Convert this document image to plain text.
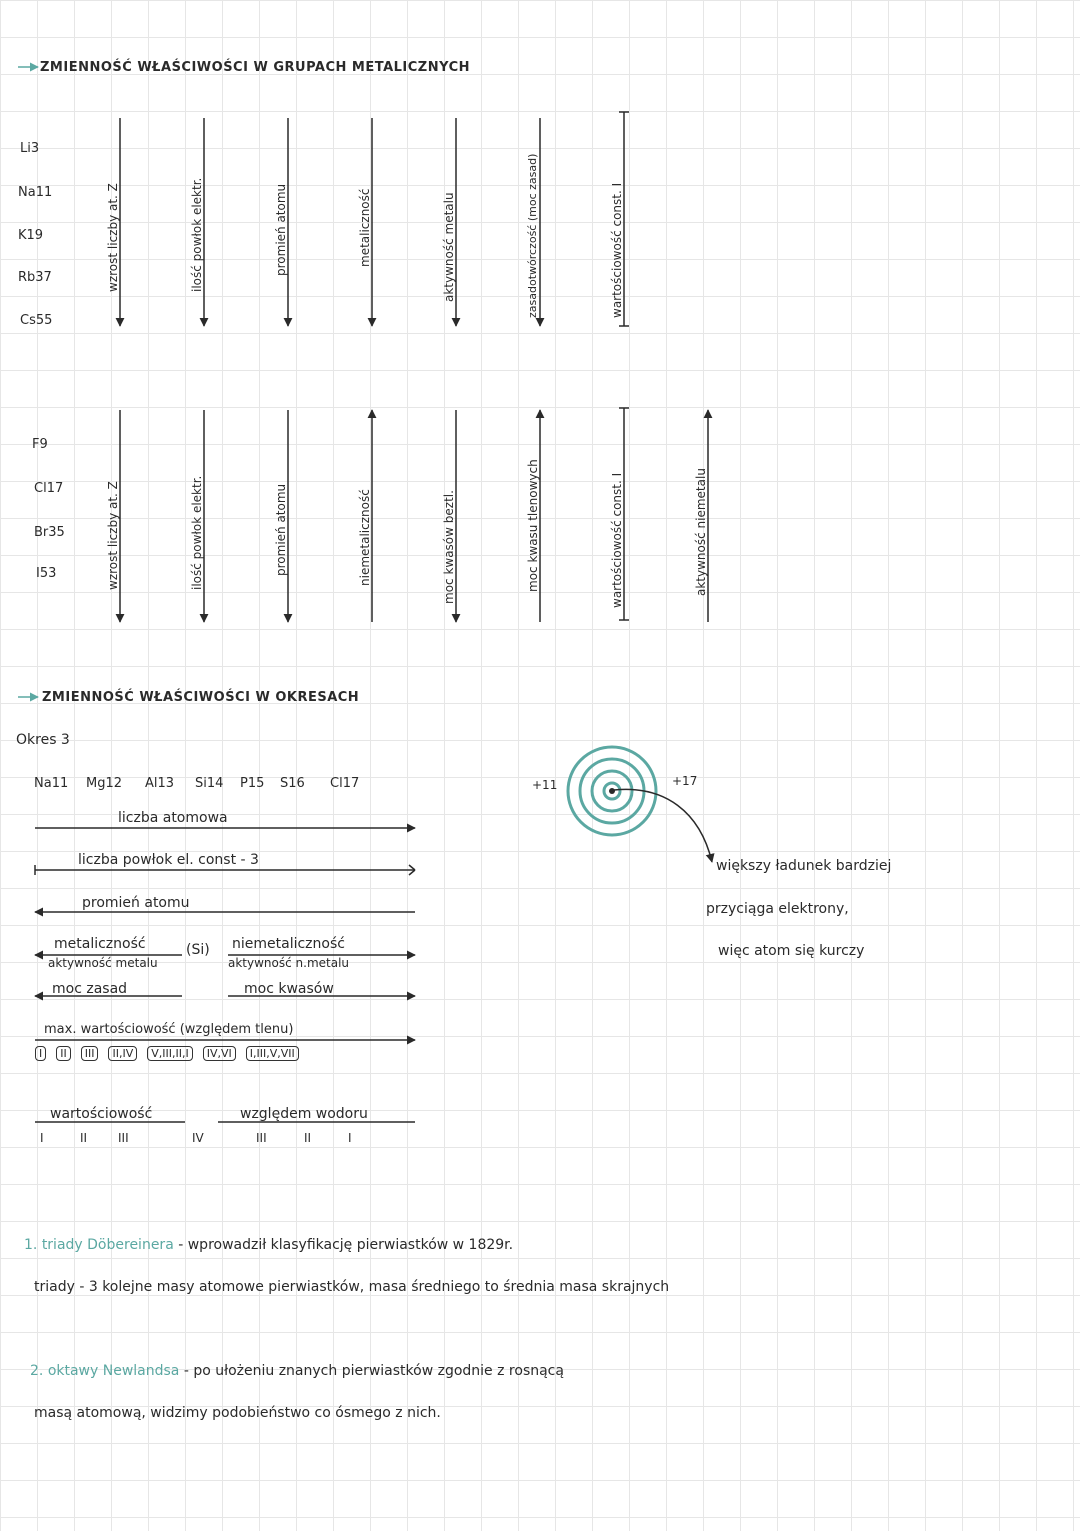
ZMIENNOŚĆ WŁAŚCIWOŚCI W GRUPACH METALICZNYCH
Li3
Na11
K19
Rb37
Cs55
wzrost liczby at. Z	ilość powłok elektr.	promień atomu	metaliczność	aktywność metalu	zasadotwórczość (moc zasad)	wartościowość const. I
F9
Cl17
Br35
I53	wzrost liczby at. Z	ilość powłok elektr.	promień atomu	niemetaliczność	moc kwasów beztl.	moc kwasu tlenowych	wartościowość const. I	aktywność niemetalu
ZMIENNOŚĆ WŁAŚCIWOŚCI W OKRESACH
Okres 3
Na11 Mg12 Al13 Si14 P15 S16 Cl17
liczba atomowa
liczba powłok el. const - 3
promień atomu
metaliczność
aktywność metalu
(Si) niemetaliczność
aktywność n.metalu
moc zasad	moc kwasów
max. wartościowość (względem tlenu)
I	II	III	II,IV	V,III,II,I	IV,VI	I,III,V,VII
wartościowość	względem wodoru
I	II	III	IV	III	II	I
+11	+17
większy ładunek bardziej
przyciąga elektrony,
więc atom się kurczy
1. triady Döbereinera - wprowadził klasyfikację pierwiastków w 1829r.
triady - 3 kolejne masy atomowe pierwiastków, masa średniego to średnia masa skrajnych
2. oktawy Newlandsa - po ułożeniu znanych pierwiastków zgodnie z rosnącą
masą atomową, widzimy podobieństwo co ósmego z nich.
